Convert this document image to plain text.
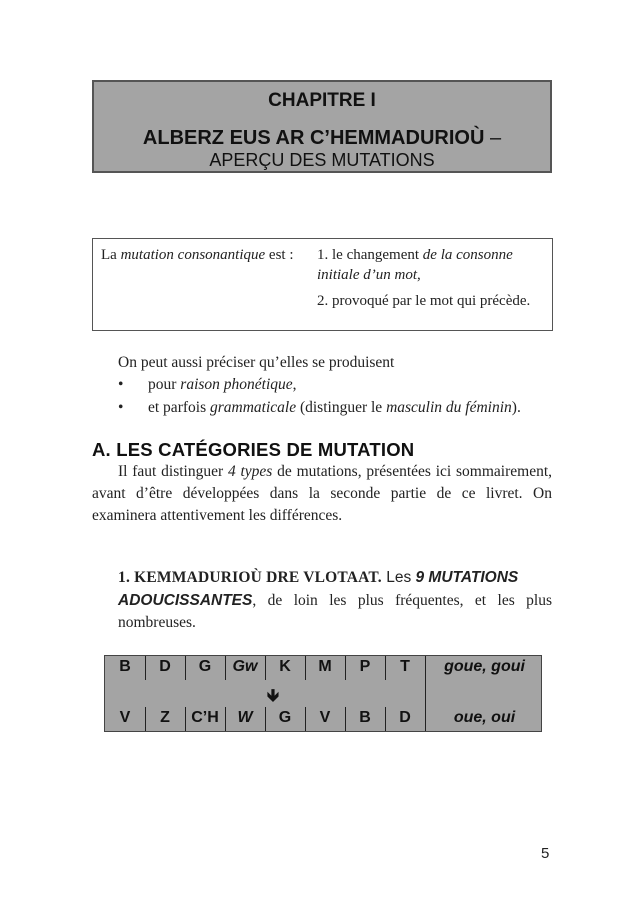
CHAPITRE I
ALBERZ EUS AR C’HEMMADURIOÙ –
APERÇU DES MUTATIONS
La mutation consonantique est : 1. le changement de la consonne initiale d’un mot,
2. provoqué par le mot qui précède.
On peut aussi préciser qu’elles se produisent
• pour raison phonétique,
• et parfois grammaticale (distinguer le masculin du féminin).
A. LES CATÉGORIES DE MUTATION
Il faut distinguer 4 types de mutations, présentées ici sommairement, avant d’être développées dans la seconde partie de ce livret. On examinera attentivement les différences.
1. KEMMADURIOÙ DRE VLOTAAT. Les 9 MUTATIONS
ADOUCISSANTES, de loin les plus fréquentes, et les plus nombreuses.
B
V
D
Z
G
C’H
Gw
W
K
G
M
V
P
B
T
D
🡻
goue, goui
oue, oui
5
